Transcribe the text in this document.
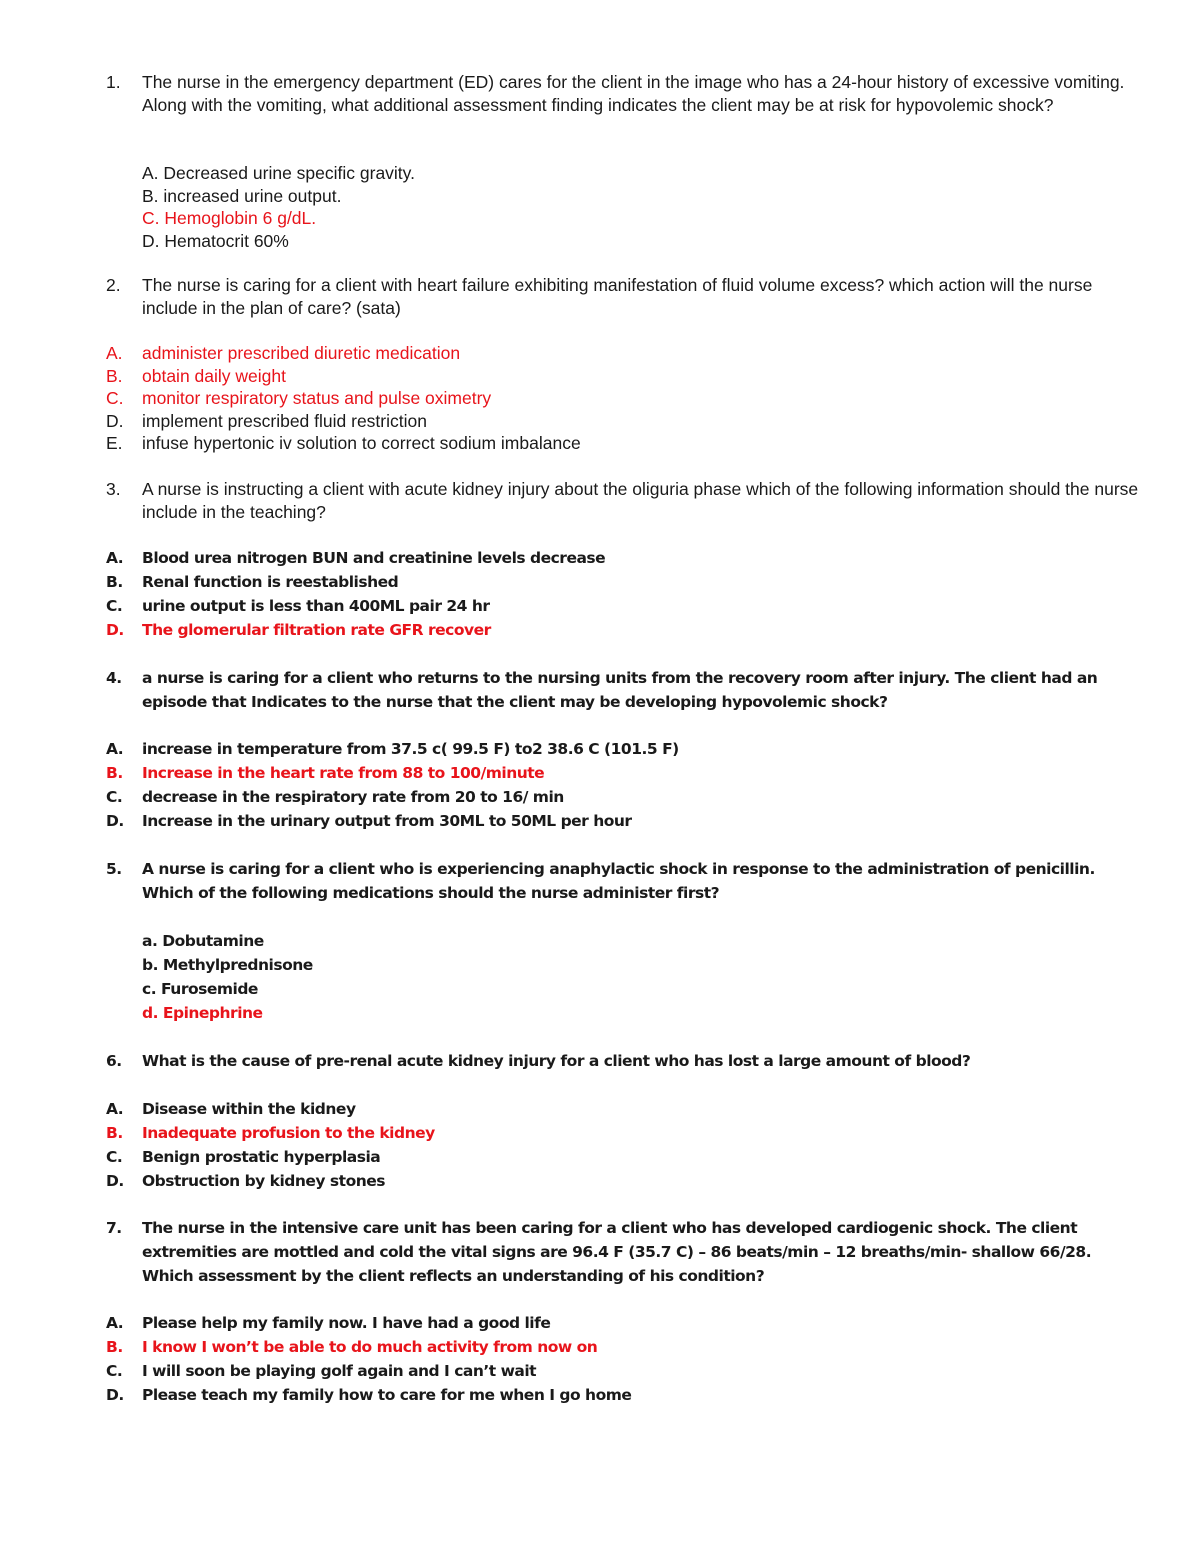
1.	The nurse in the emergency department (ED) cares for the client in the image who has a 24-hour history of excessive vomiting. Along with the vomiting, what additional assessment finding indicates the client may be at risk for hypovolemic shock?
A. Decreased urine specific gravity.
B. increased urine output.
C. Hemoglobin 6 g/dL.
D. Hematocrit 60%
2.	The nurse is caring for a client with heart failure exhibiting manifestation of fluid volume excess? which action will the nurse include in the plan of care? (sata)
A.	administer prescribed diuretic medication
B.	obtain daily weight
C.	monitor respiratory status and pulse oximetry
D.	implement prescribed fluid restriction
E.	infuse hypertonic iv solution to correct sodium imbalance
3.	A nurse is instructing a client with acute kidney injury about the oliguria phase which of the following information should the nurse include in the teaching?
A.	Blood urea nitrogen BUN and creatinine levels decrease
B.	Renal function is reestablished
C.	urine output is less than 400ML pair 24 hr
D.	The glomerular filtration rate GFR recover
4.	a nurse is caring for a client who returns to the nursing units from the recovery room after injury. The client had an episode that Indicates to the nurse that the client may be developing hypovolemic shock?
A.	increase in temperature from 37.5 c( 99.5 F) to2 38.6 C (101.5 F)
B.	Increase in the heart rate from 88 to 100/minute
C.	decrease in the respiratory rate from 20 to 16/ min
D.	Increase in the urinary output from 30ML to 50ML per hour
5.	A nurse is caring for a client who is experiencing anaphylactic shock in response to the administration of penicillin. Which of the following medications should the nurse administer first?
a. Dobutamine
b. Methylprednisone
c. Furosemide
d. Epinephrine
6.	What is the cause of pre-renal acute kidney injury for a client who has lost a large amount of blood?
A.	Disease within the kidney
B.	Inadequate profusion to the kidney
C.	Benign prostatic hyperplasia
D.	Obstruction by kidney stones
7.	The nurse in the intensive care unit has been caring for a client who has developed cardiogenic shock. The client extremities are mottled and cold the vital signs are 96.4 F (35.7 C) – 86 beats/min – 12 breaths/min- shallow 66/28. Which assessment by the client reflects an understanding of his condition?
A.	Please help my family now. I have had a good life
B.	I know I won’t be able to do much activity from now on
C.	I will soon be playing golf again and I can’t wait
D.	Please teach my family how to care for me when I go home
